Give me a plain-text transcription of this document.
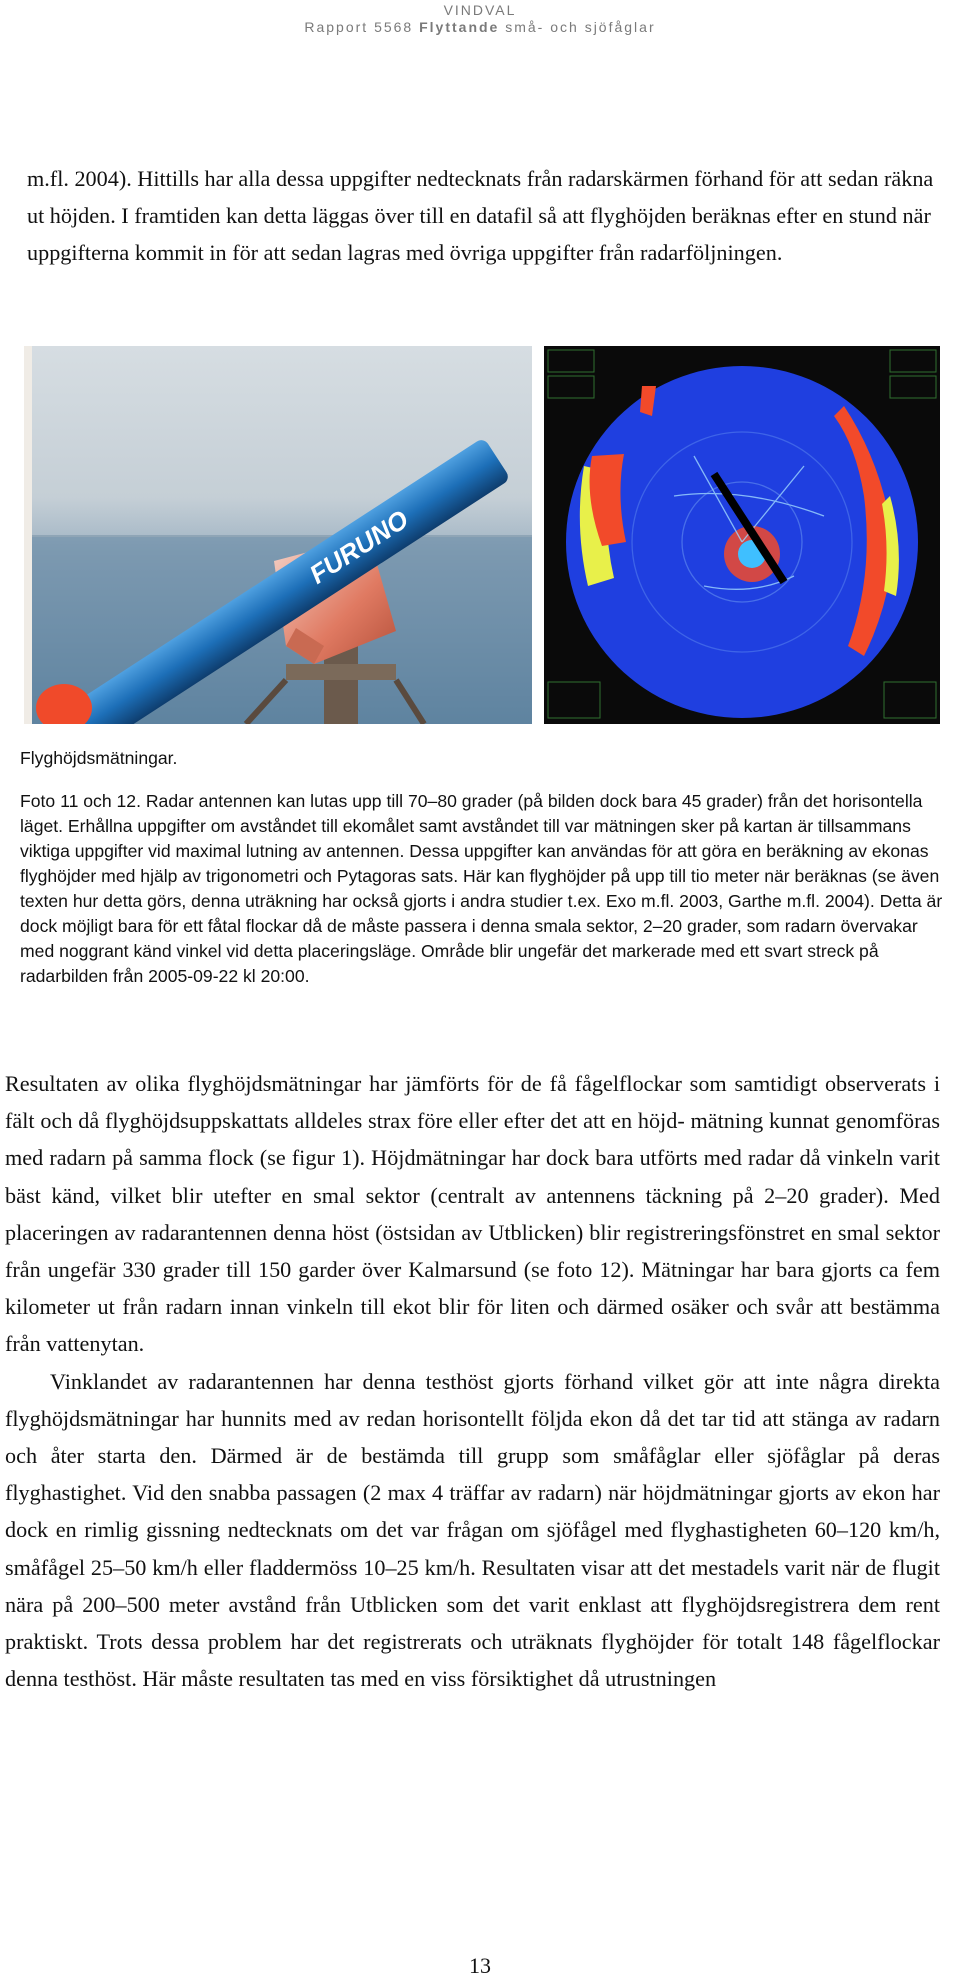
VINDVAL
Rapport 5568 Flyttande små- och sjöfåglar
m.fl. 2004). Hittills har alla dessa uppgifter nedtecknats från radarskärmen förhand för att sedan räkna ut höjden. I framtiden kan detta läggas över till en datafil så att flyghöjden beräknas efter en stund när uppgifterna kommit in för att sedan lagras med övriga uppgifter från radarföljningen.
FURUNO
Flyghöjdsmätningar.
Foto 11 och 12. Radar antennen kan lutas upp till 70–80 grader (på bilden dock bara 45 grader) från det horisontella läget. Erhållna uppgifter om avståndet till ekomålet samt avståndet till var mätningen sker på kartan är tillsammans viktiga uppgifter vid maximal lutning av antennen. Dessa uppgifter kan användas för att göra en beräkning av ekonas flyghöjder med hjälp av trigonometri och Pytagoras sats. Här kan flyghöjder på upp till tio meter när beräknas (se även texten hur detta görs, denna uträkning har också gjorts i andra studier t.ex. Exo m.fl. 2003, Garthe m.fl. 2004). Detta är dock möjligt bara för ett fåtal flockar då de måste passera i denna smala sektor, 2–20 grader, som radarn övervakar med noggrant känd vinkel vid detta placeringsläge. Område blir ungefär det markerade med ett svart streck på radarbilden från 2005-09-22 kl 20:00.

Resultaten av olika flyghöjdsmätningar har jämförts för de få fågelflockar som samtidigt observerats i fält och då flyghöjdsuppskattats alldeles strax före eller efter det att en höjd- mätning kunnat genomföras med radarn på samma flock (se figur 1). Höjdmätningar har dock bara utförts med radar då vinkeln varit bäst känd, vilket blir utefter en smal sektor (centralt av antennens täckning på 2–20 grader). Med placeringen av radarantennen denna höst (östsidan av Utblicken) blir registreringsfönstret en smal sektor från ungefär 330 grader till 150 garder över Kalmarsund (se foto 12). Mätningar har bara gjorts ca fem kilometer ut från radarn innan vinkeln till ekot blir för liten och därmed osäker och svår att bestämma från vattenytan.

Vinklandet av radarantennen har denna testhöst gjorts förhand vilket gör att inte några direkta flyghöjdsmätningar har hunnits med av redan horisontellt följda ekon då det tar tid att stänga av radarn och åter starta den. Därmed är de bestämda till grupp som småfåglar eller sjöfåglar på deras flyghastighet. Vid den snabba passagen (2 max 4 träffar av radarn) när höjdmätningar gjorts av ekon har dock en rimlig gissning nedtecknats om det var frågan om sjöfågel med flyghastigheten 60–120 km/h, småfågel 25–50 km/h eller fladdermöss 10–25 km/h. Resultaten visar att det mestadels varit när de flugit nära på 200–500 meter avstånd från Utblicken som det varit enklast att flyghöjdsregistrera dem rent praktiskt. Trots dessa problem har det registrerats och uträknats flyghöjder för totalt 148 fågelflockar denna testhöst. Här måste resultaten tas med en viss försiktighet då utrustningen

13
